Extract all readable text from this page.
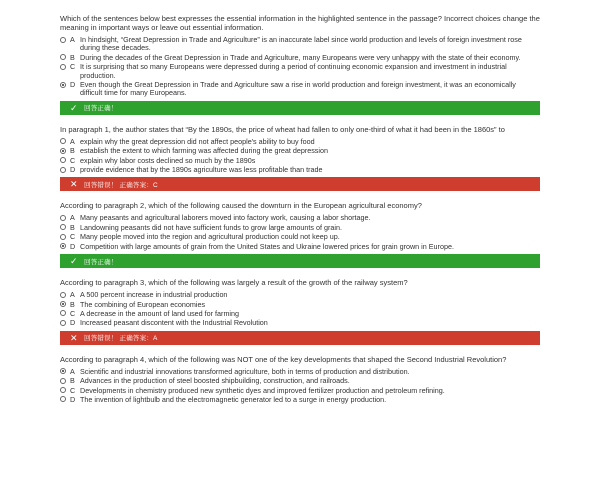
Which of the sentences below best expresses the essential information in the highlighted sentence in the passage? Incorrect choices change the meaning in important ways or leave out essential information.
A In hindsight, “Great Depression in Trade and Agriculture” is an inaccurate label since world production and levels of foreign investment rose during these decades.
B During the decades of the Great Depression in Trade and Agriculture, many Europeans were very unhappy with the state of their economy.
C It is surprising that so many Europeans were depressed during a period of continuing economic expansion and investment in industrial production.
D Even though the Great Depression in Trade and Agriculture saw a rise in world production and foreign investment, it was an economically difficult time for many Europeans.
✓ 回答正确！
In paragraph 1, the author states that “By the 1890s, the price of wheat had fallen to only one-third of what it had been in the 1860s” to
A explain why the great depression did not affect people's ability to buy food
B establish the extent to which farming was affected during the great depression
C explain why labor costs declined so much by the 1890s
D provide evidence that by the 1890s agriculture was less profitable than trade
✕ 回答错误！ 正确答案：C
According to paragraph 2, which of the following caused the downturn in the European agricultural economy?
A Many peasants and agricultural laborers moved into factory work, causing a labor shortage.
B Landowning peasants did not have sufficient funds to grow large amounts of grain.
C Many people moved into the region and agricultural production could not keep up.
D Competition with large amounts of grain from the United States and Ukraine lowered prices for grain grown in Europe.
✓ 回答正确！
According to paragraph 3, which of the following was largely a result of the growth of the railway system?
A A 500 percent increase in industrial production
B The combining of European economies
C A decrease in the amount of land used for farming
D Increased peasant discontent with the Industrial Revolution
✕ 回答错误！ 正确答案：A
According to paragraph 4, which of the following was NOT one of the key developments that shaped the Second Industrial Revolution?
A Scientific and industrial innovations transformed agriculture, both in terms of production and distribution.
B Advances in the production of steel boosted shipbuilding, construction, and railroads.
C Developments in chemistry produced new synthetic dyes and improved fertilizer production and petroleum refining.
D The invention of lightbulb and the electromagnetic generator led to a surge in energy production.
